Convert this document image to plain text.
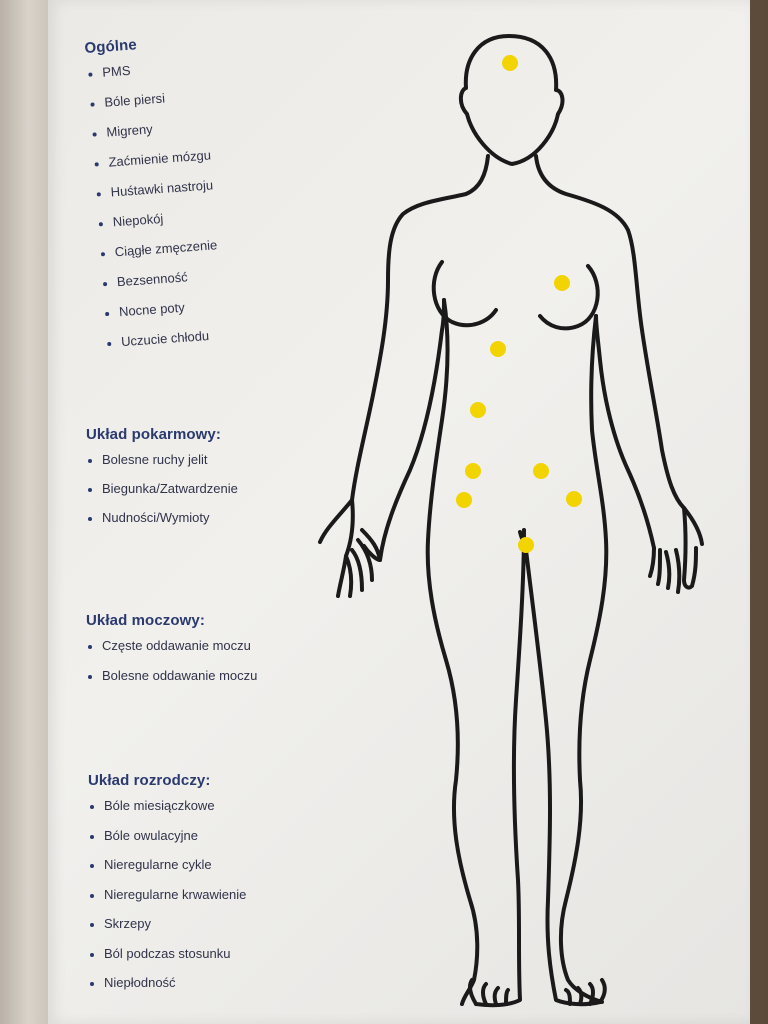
Ogólne
PMS
Bóle piersi
Migreny
Zaćmienie mózgu
Huśtawki nastroju
Niepokój
Ciągłe zmęczenie
Bezsenność
Nocne poty
Uczucie chłodu
Układ pokarmowy:
Bolesne ruchy jelit
Biegunka/Zatwardzenie
Nudności/Wymioty
Układ moczowy:
Częste oddawanie moczu
Bolesne oddawanie moczu
Układ rozrodczy:
Bóle miesiączkowe
Bóle owulacyjne
Nieregularne cykle
Nieregularne krwawienie
Skrzepy
Ból podczas stosunku
Niepłodność
